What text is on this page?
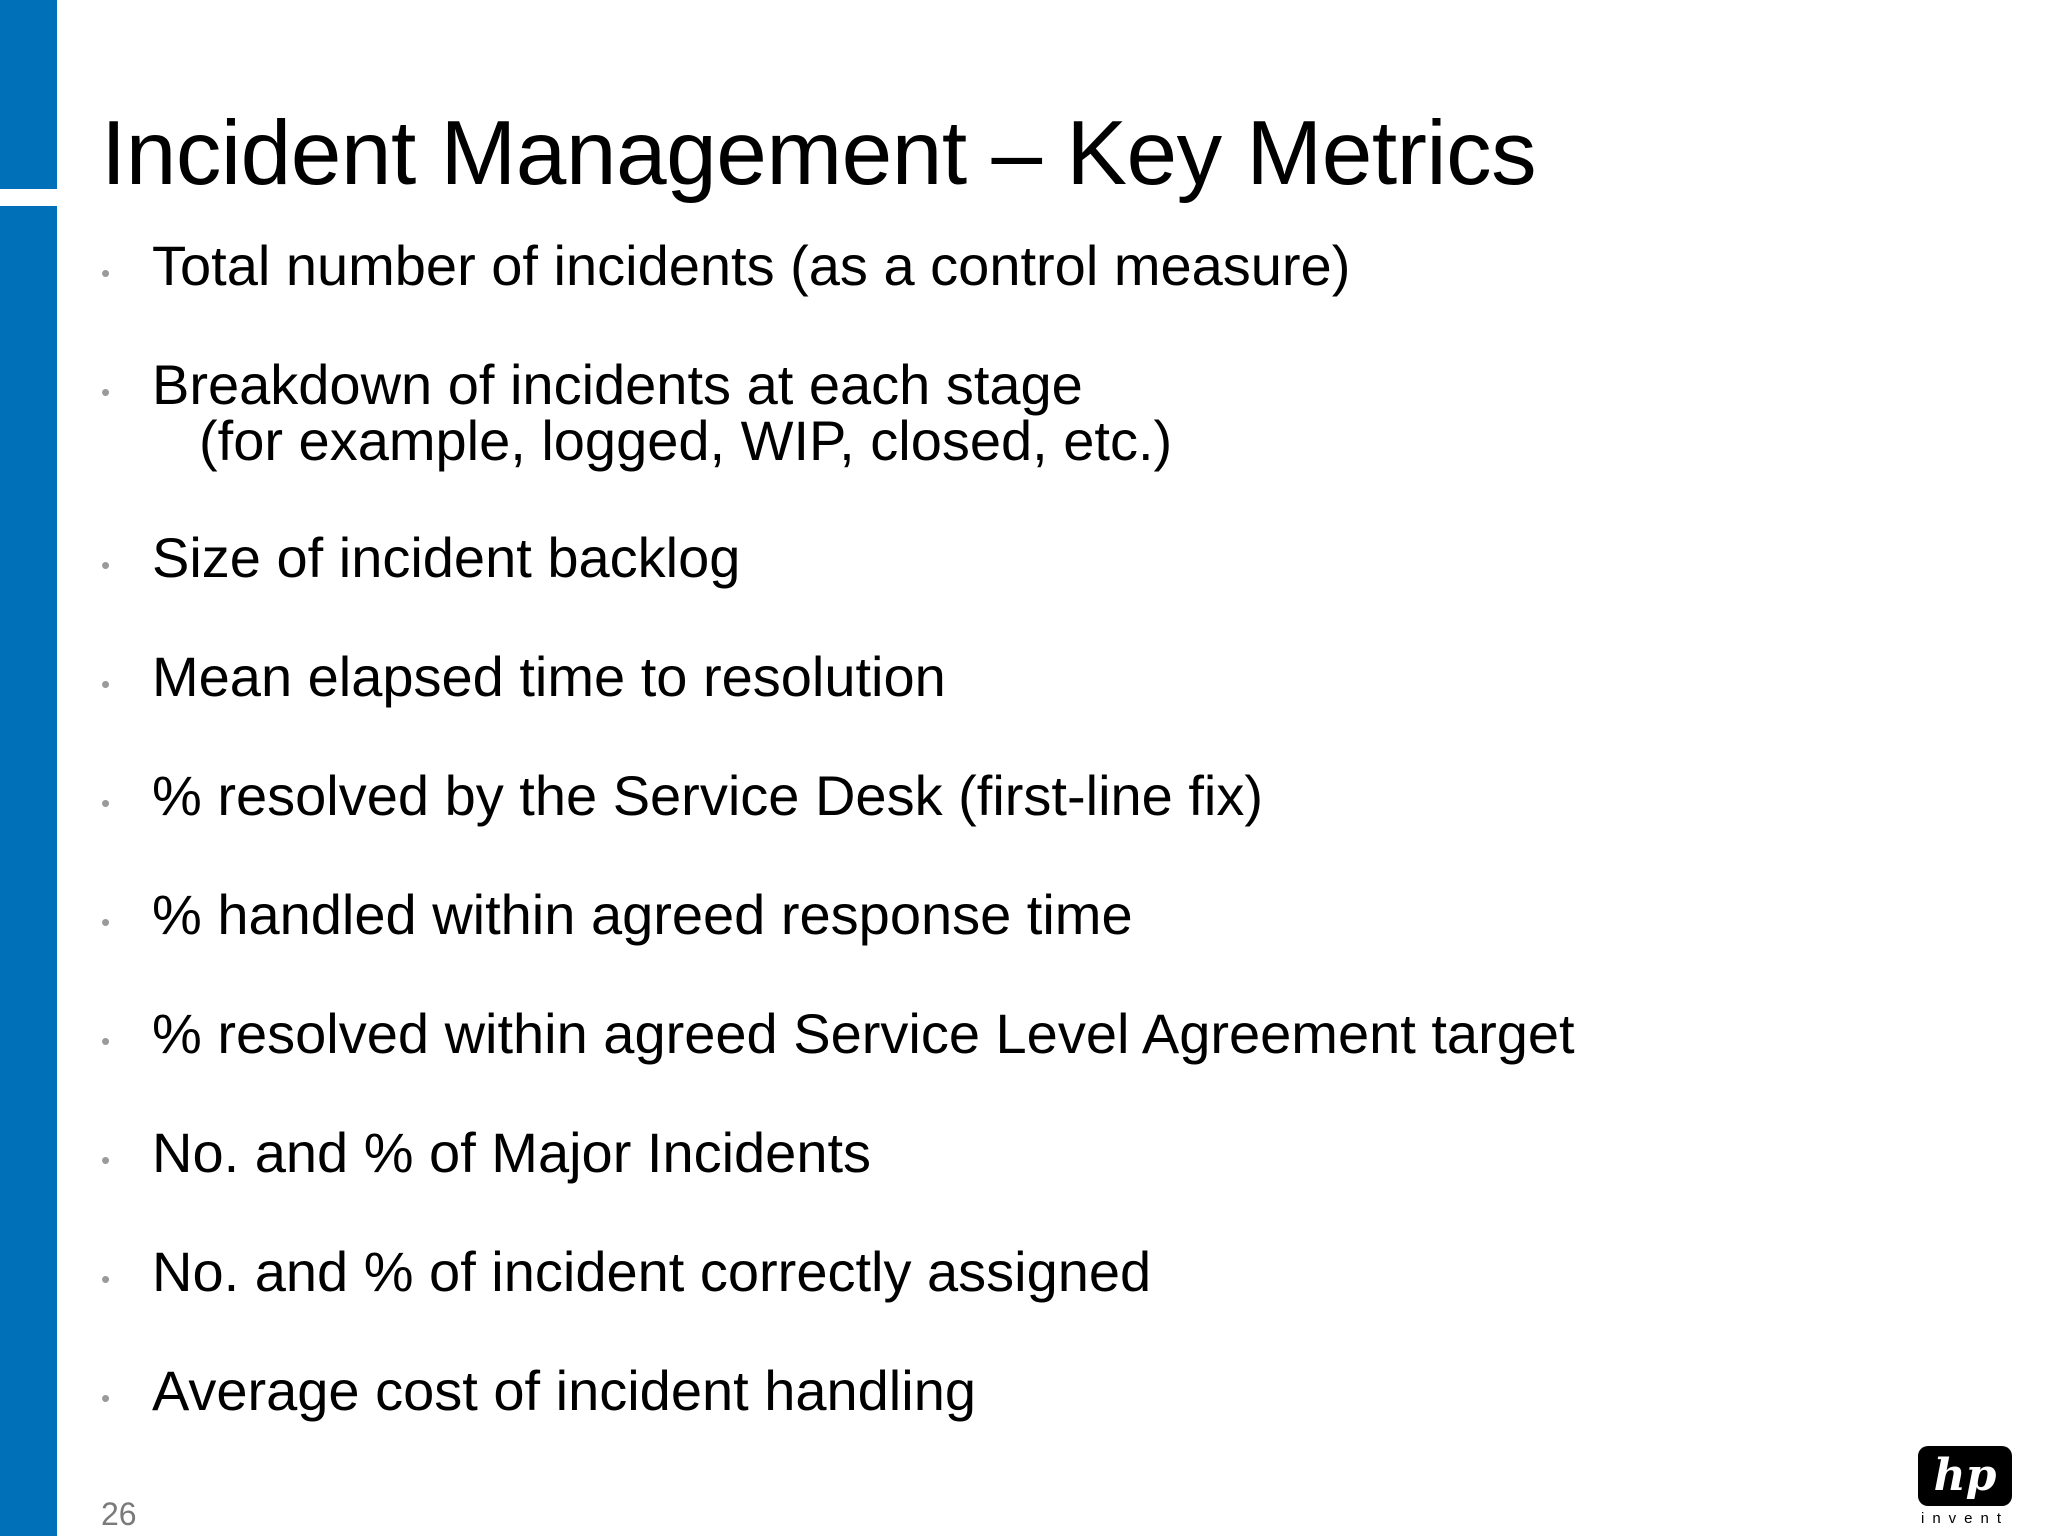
Incident Management – Key Metrics
• Total number of incidents (as a control measure)
• Breakdown of incidents at each stage
(for example, logged, WIP, closed, etc.)
• Size of incident backlog
• Mean elapsed time to resolution
• % resolved by the Service Desk (first-line fix)
• % handled within agreed response time
• % resolved within agreed Service Level Agreement target
• No. and % of Major Incidents
• No. and % of incident correctly assigned
• Average cost of incident handling
26
hp
invent
